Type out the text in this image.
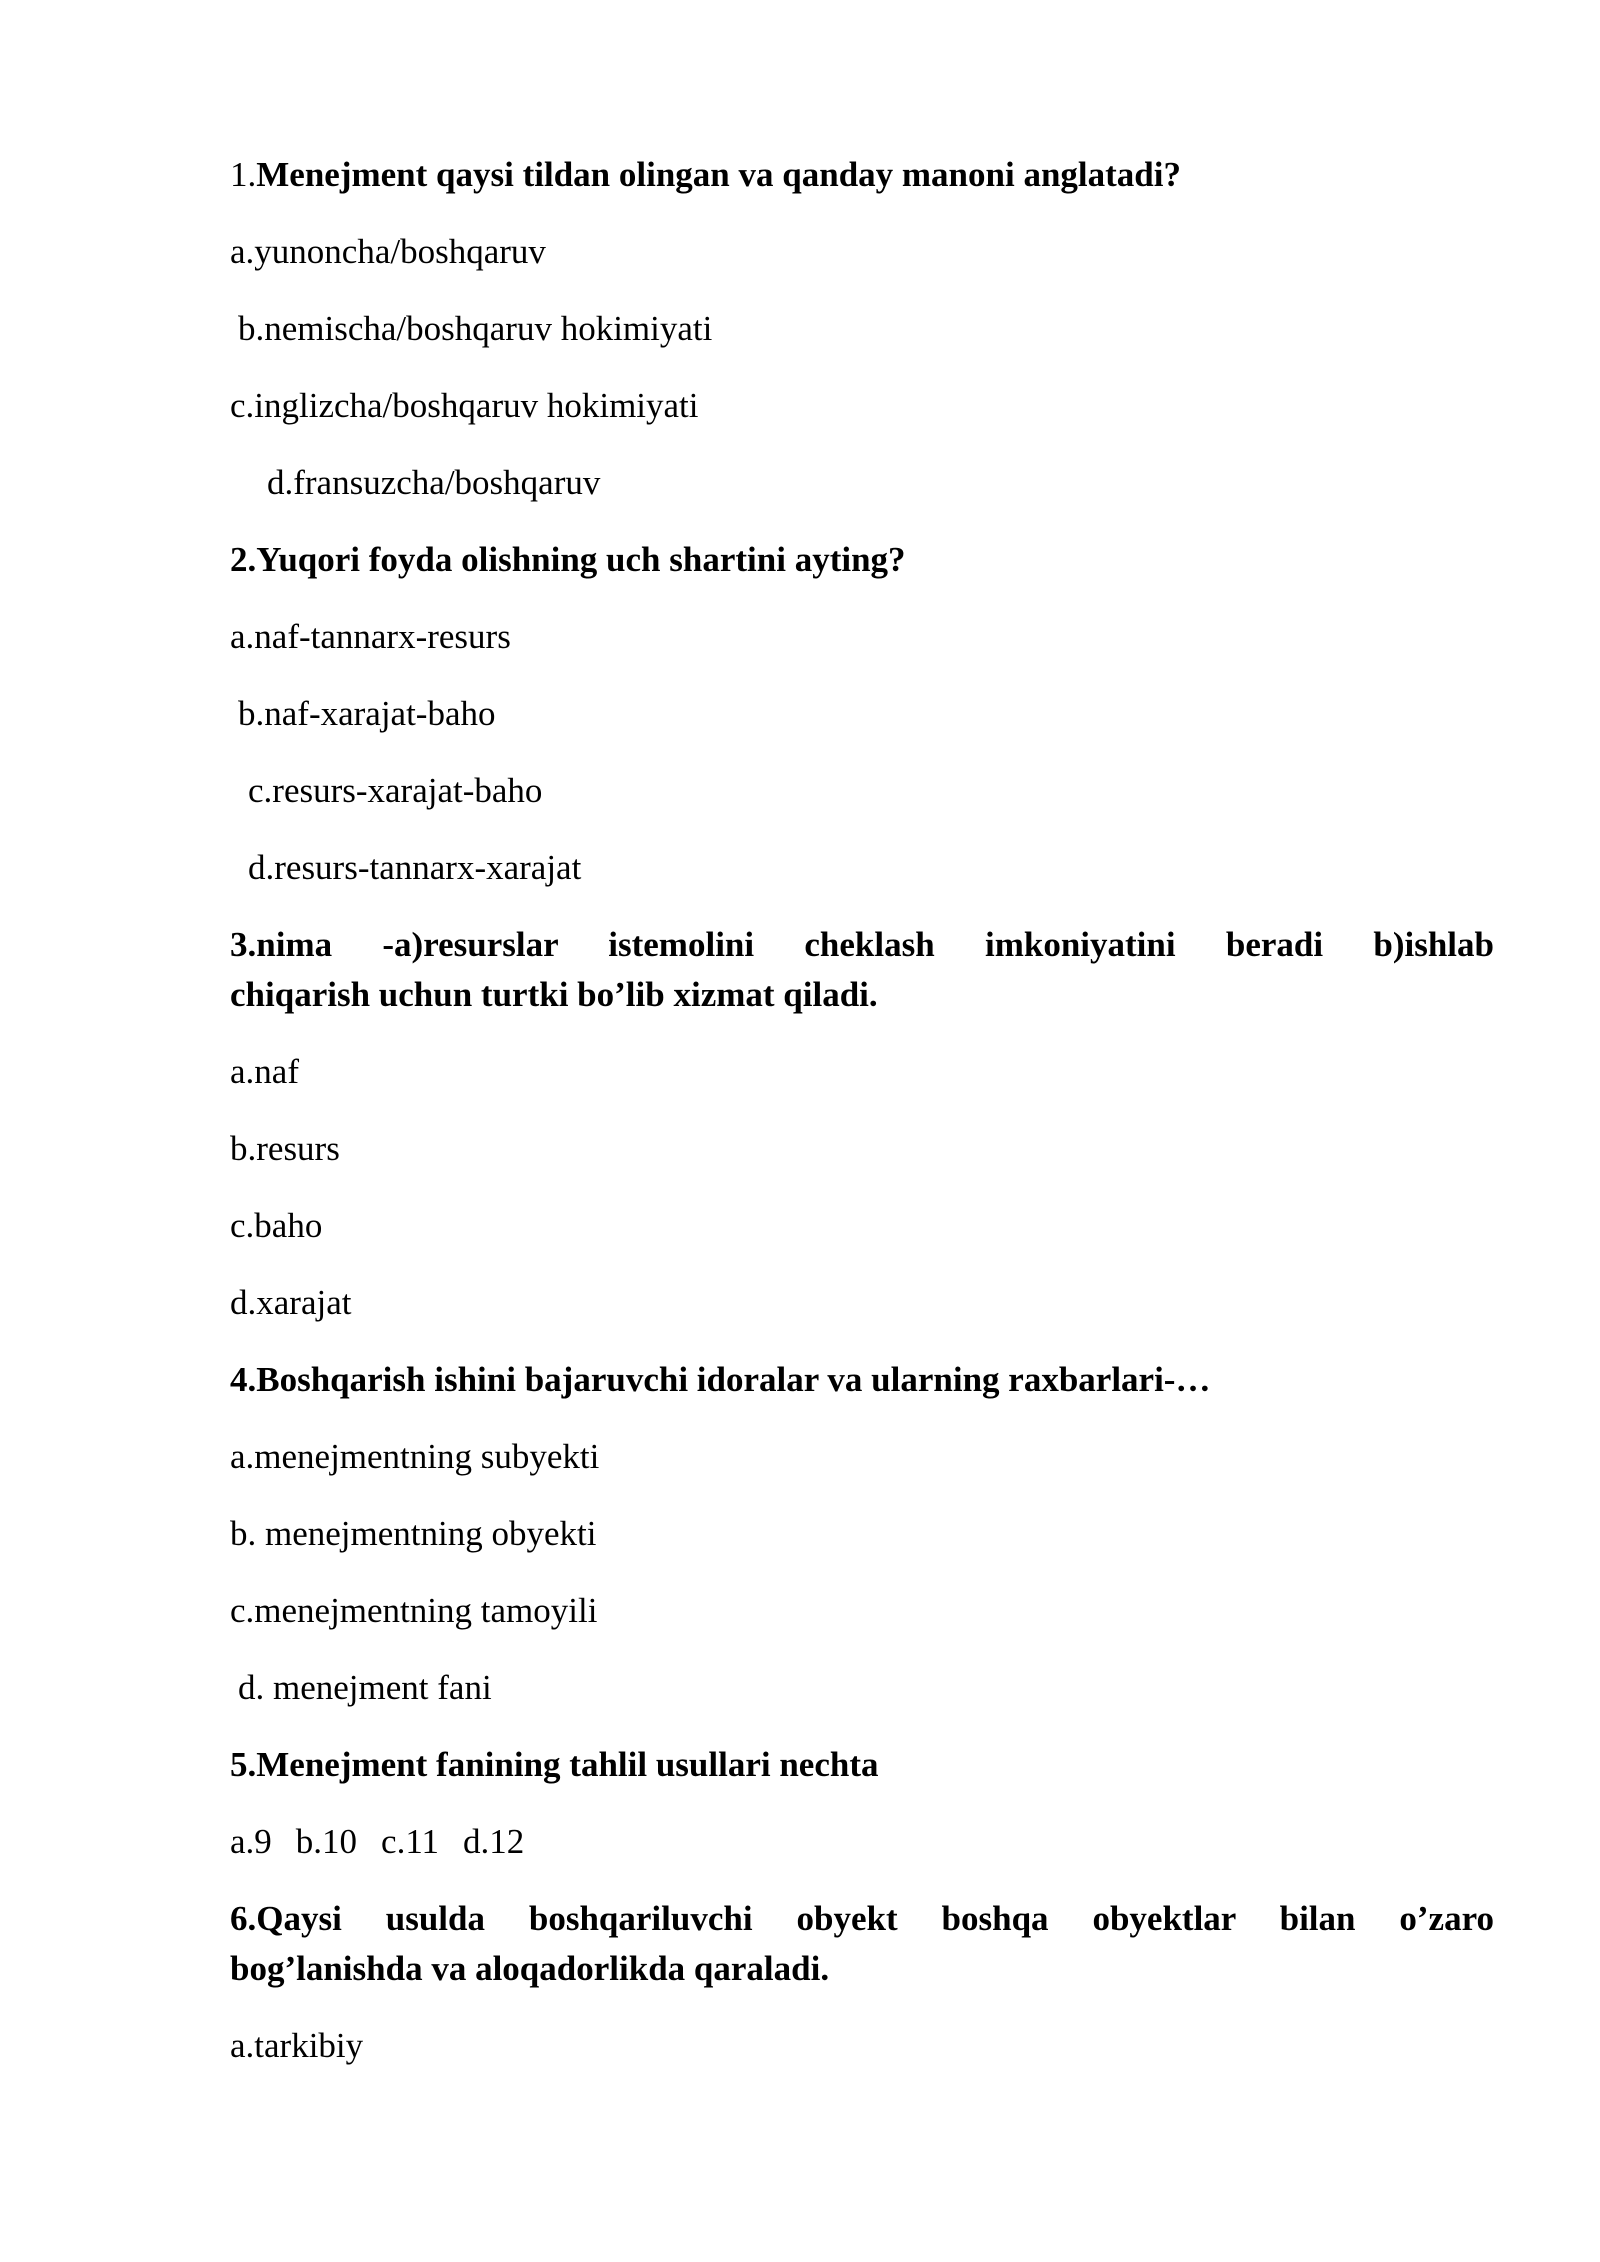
1.Menejment qaysi tildan olingan va qanday manoni anglatadi?
a.yunoncha/boshqaruv
b.nemischa/boshqaruv hokimiyati
c.inglizcha/boshqaruv hokimiyati
d.fransuzcha/boshqaruv
2.Yuqori foyda olishning uch shartini ayting?
a.naf-tannarx-resurs
b.naf-xarajat-baho
c.resurs-xarajat-baho
d.resurs-tannarx-xarajat
3.nima -a)resurslar istemolini cheklash imkoniyatini beradi b)ishlab
chiqarish uchun turtki bo’lib xizmat qiladi.
a.naf
b.resurs
c.baho
d.xarajat
4.Boshqarish ishini bajaruvchi idoralar va ularning raxbarlari-…
a.menejmentning subyekti
b. menejmentning obyekti
c.menejmentning tamoyili
d. menejment fani
5.Menejment fanining tahlil usullari nechta
a.9 b.10 c.11 d.12
6.Qaysi usulda boshqariluvchi obyekt boshqa obyektlar bilan o’zaro
bog’lanishda va aloqadorlikda qaraladi.
a.tarkibiy
